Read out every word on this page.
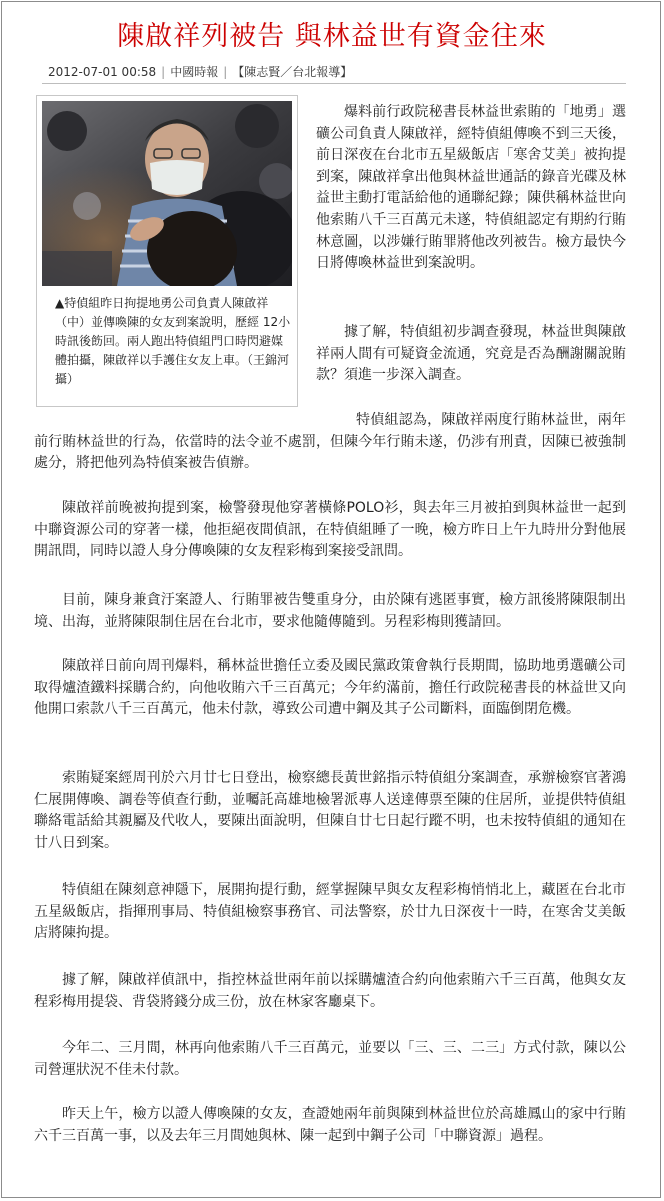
陳啟祥列被告 與林益世有資金往來
2012-07-01 00:58 | 中國時報 | 【陳志賢／台北報導】
▲特偵組昨日拘提地勇公司負責人陳啟祥（中）並傳喚陳的女友到案說明，歷經 12小時訊後飭回。兩人跑出特偵組門口時閃避媒體拍攝，陳啟祥以手護住女友上車。（王錦河攝）
爆料前行政院秘書長林益世索賄的「地勇」選礦公司負責人陳啟祥，經特偵組傳喚不到三天後，前日深夜在台北市五星級飯店「寒舍艾美」被拘提到案，陳啟祥拿出他與林益世通話的錄音光碟及林益世主動打電話給他的通聯紀錄；陳供稱林益世向他索賄八千三百萬元未遂，特偵組認定有期約行賄林意圖，以涉嫌行賄罪將他改列被告。檢方最快今日將傳喚林益世到案說明。
據了解，特偵組初步調查發現，林益世與陳啟祥兩人間有可疑資金流通，究竟是否為酬謝關說賄款？須進一步深入調查。
特偵組認為，陳啟祥兩度行賄林益世，兩年前行賄林益世的行為，依當時的法令並不處罰，但陳今年行賄未遂，仍涉有刑責，因陳已被強制處分，將把他列為特偵案被告偵辦。
陳啟祥前晚被拘提到案，檢警發現他穿著橫條POLO衫，與去年三月被拍到與林益世一起到中聯資源公司的穿著一樣，他拒絕夜間偵訊，在特偵組睡了一晚，檢方昨日上午九時卅分對他展開訊問，同時以證人身分傳喚陳的女友程彩梅到案接受訊問。
目前，陳身兼貪汙案證人、行賄罪被告雙重身分，由於陳有逃匿事實，檢方訊後將陳限制出境、出海，並將陳限制住居在台北市，要求他隨傳隨到。另程彩梅則獲請回。
陳啟祥日前向周刊爆料，稱林益世擔任立委及國民黨政策會執行長期間，協助地勇選礦公司取得爐渣鐵料採購合約，向他收賄六千三百萬元；今年約滿前，擔任行政院秘書長的林益世又向他開口索款八千三百萬元，他未付款，導致公司遭中鋼及其子公司斷料，面臨倒閉危機。
索賄疑案經周刊於六月廿七日登出，檢察總長黃世銘指示特偵組分案調查，承辦檢察官著鴻仁展開傳喚、調卷等偵查行動，並囑託高雄地檢署派專人送達傳票至陳的住居所，並提供特偵組聯絡電話給其親屬及代收人，要陳出面說明，但陳自廿七日起行蹤不明，也未按特偵組的通知在廿八日到案。
特偵組在陳刻意神隱下，展開拘提行動，經掌握陳早與女友程彩梅悄悄北上，藏匿在台北市五星級飯店，指揮刑事局、特偵組檢察事務官、司法警察，於廿九日深夜十一時，在寒舍艾美飯店將陳拘提。
據了解，陳啟祥偵訊中，指控林益世兩年前以採購爐渣合約向他索賄六千三百萬，他與女友程彩梅用提袋、背袋將錢分成三份，放在林家客廳桌下。
今年二、三月間，林再向他索賄八千三百萬元，並要以「三、三、二三」方式付款，陳以公司營運狀況不佳未付款。
昨天上午，檢方以證人傳喚陳的女友，查證她兩年前與陳到林益世位於高雄鳳山的家中行賄六千三百萬一事，以及去年三月間她與林、陳一起到中鋼子公司「中聯資源」過程。
